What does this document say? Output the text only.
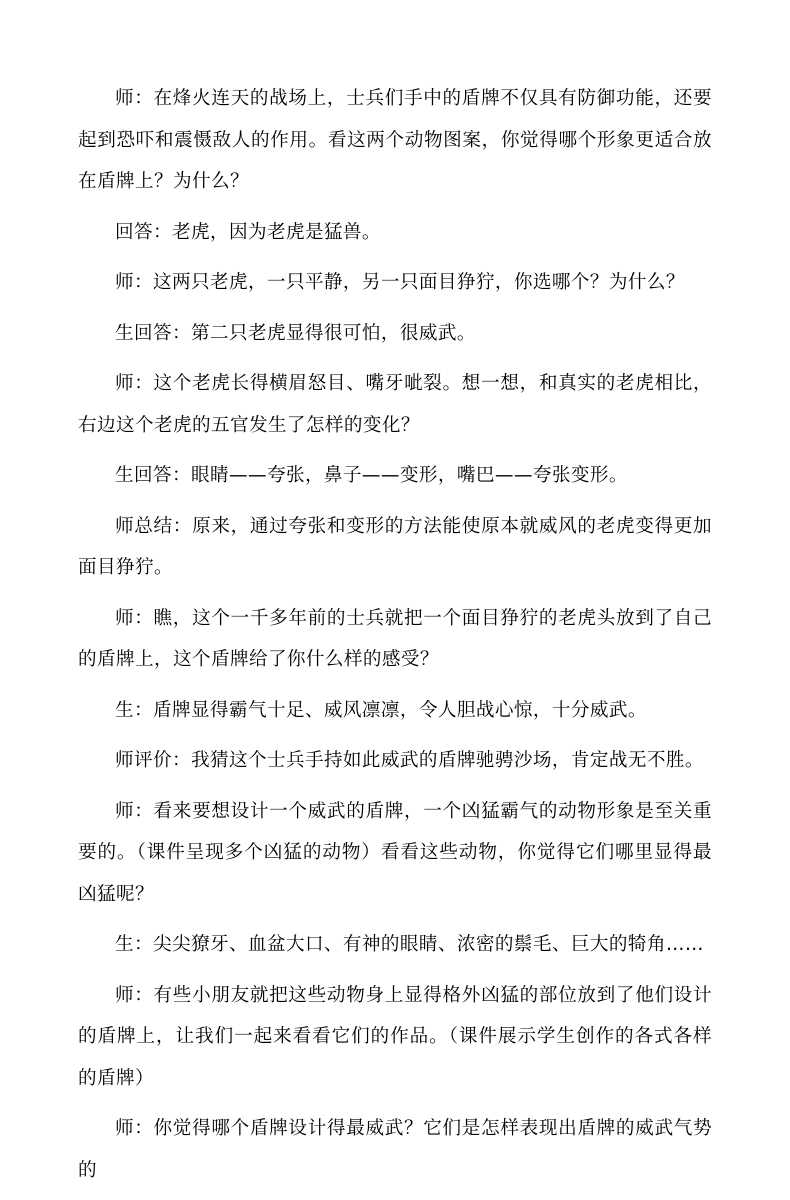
师：在烽火连天的战场上，士兵们手中的盾牌不仅具有防御功能，还要起到恐吓和震慑敌人的作用。看这两个动物图案，你觉得哪个形象更适合放在盾牌上？为什么？

回答：老虎，因为老虎是猛兽。

师：这两只老虎，一只平静，另一只面目狰狞，你选哪个？为什么？

生回答：第二只老虎显得很可怕，很威武。

师：这个老虎长得横眉怒目、嘴牙呲裂。想一想，和真实的老虎相比，右边这个老虎的五官发生了怎样的变化？

生回答：眼睛——夸张，鼻子——变形，嘴巴——夸张变形。

师总结：原来，通过夸张和变形的方法能使原本就威风的老虎变得更加面目狰狞。

师：瞧，这个一千多年前的士兵就把一个面目狰狞的老虎头放到了自己的盾牌上，这个盾牌给了你什么样的感受？

生：盾牌显得霸气十足、威风凛凛，令人胆战心惊，十分威武。

师评价：我猜这个士兵手持如此威武的盾牌驰骋沙场，肯定战无不胜。

师：看来要想设计一个威武的盾牌，一个凶猛霸气的动物形象是至关重要的。（课件呈现多个凶猛的动物）看看这些动物，你觉得它们哪里显得最凶猛呢？

生：尖尖獠牙、血盆大口、有神的眼睛、浓密的鬃毛、巨大的犄角……

师：有些小朋友就把这些动物身上显得格外凶猛的部位放到了他们设计的盾牌上，让我们一起来看看它们的作品。（课件展示学生创作的各式各样的盾牌）

师：你觉得哪个盾牌设计得最威武？它们是怎样表现出盾牌的威武气势的
